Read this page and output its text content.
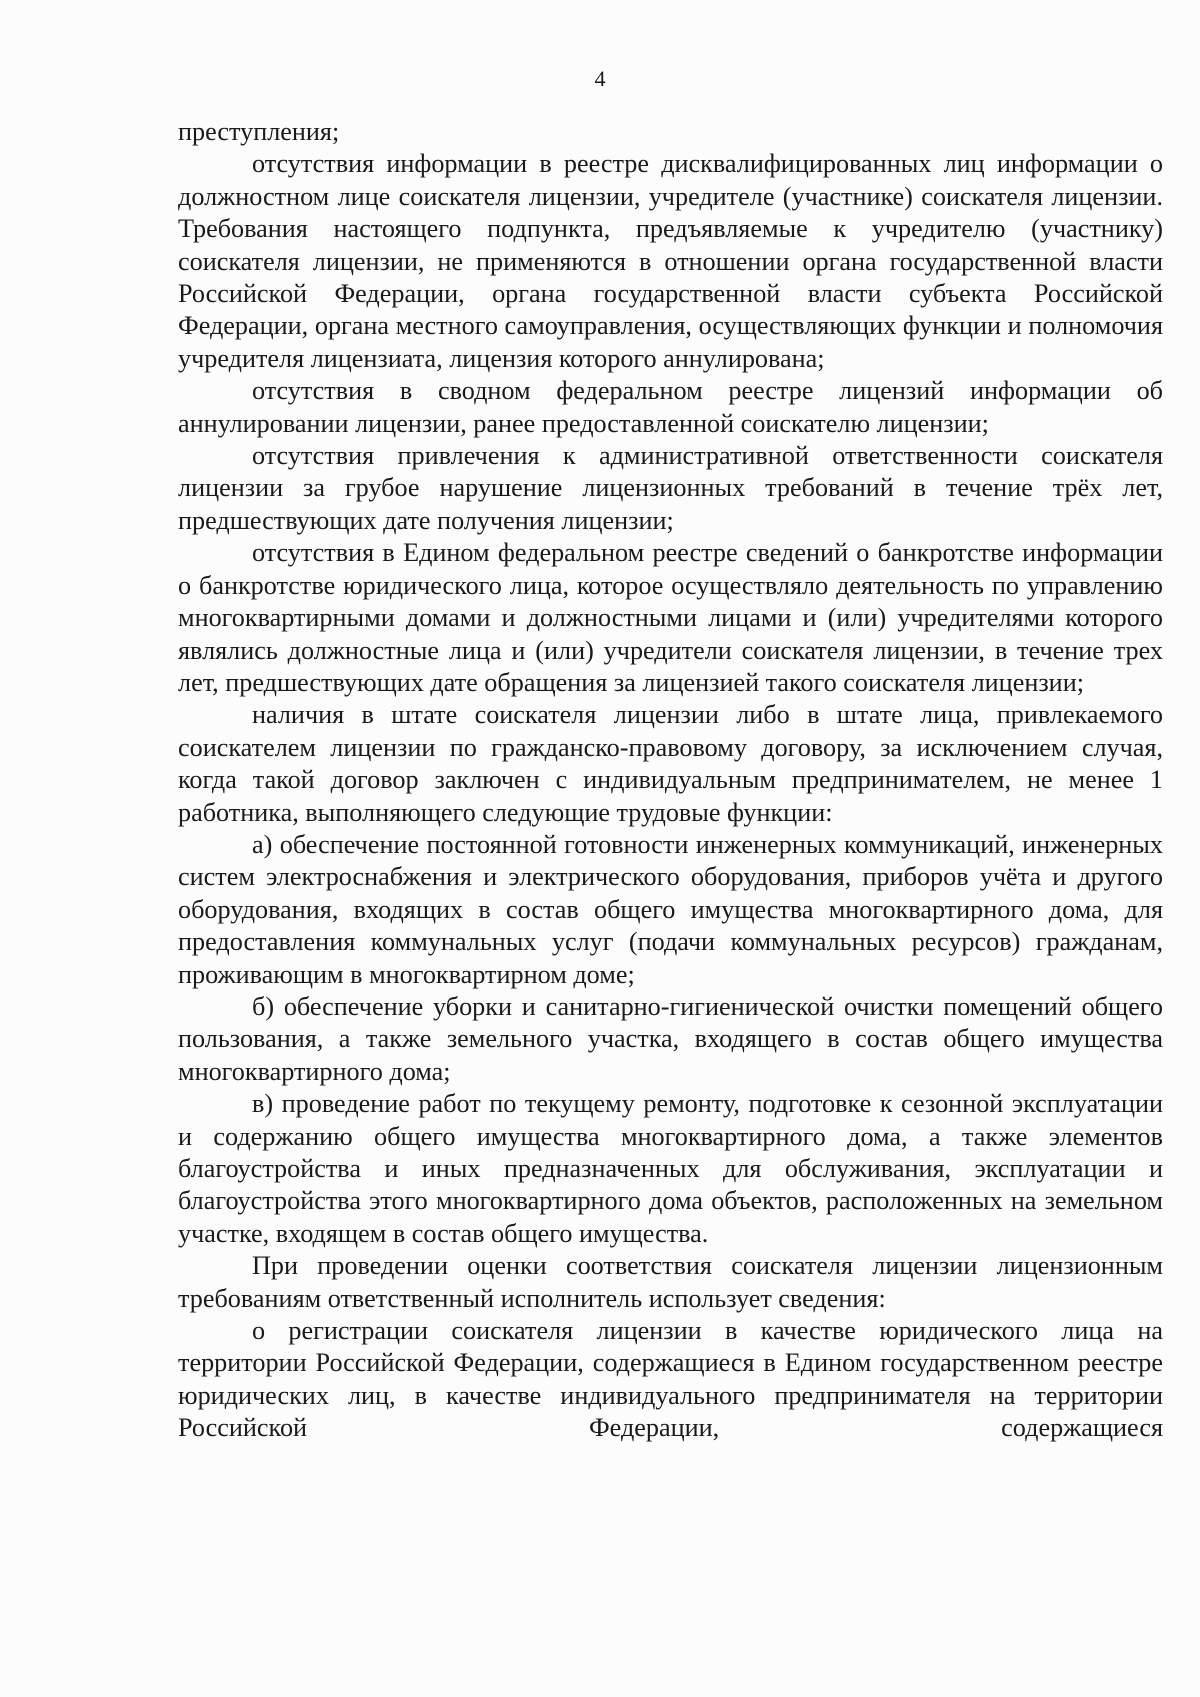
4

преступления;

отсутствия информации в реестре дисквалифицированных лиц информации о должностном лице соискателя лицензии, учредителе (участнике) соискателя лицензии. Требования настоящего подпункта, предъявляемые к учредителю (участнику) соискателя лицензии, не применяются в отношении органа государственной власти Российской Федерации, органа государственной власти субъекта Российской Федерации, органа местного самоуправления, осуществляющих функции и полномочия учредителя лицензиата, лицензия которого аннулирована;

отсутствия в сводном федеральном реестре лицензий информации об аннулировании лицензии, ранее предоставленной соискателю лицензии;

отсутствия привлечения к административной ответственности соискателя лицензии за грубое нарушение лицензионных требований в течение трёх лет, предшествующих дате получения лицензии;

отсутствия в Едином федеральном реестре сведений о банкротстве информации о банкротстве юридического лица, которое осуществляло деятельность по управлению многоквартирными домами и должностными лицами и (или) учредителями которого являлись должностные лица и (или) учредители соискателя лицензии, в течение трех лет, предшествующих дате обращения за лицензией такого соискателя лицензии;

наличия в штате соискателя лицензии либо в штате лица, привлекаемого соискателем лицензии по гражданско-правовому договору, за исключением случая, когда такой договор заключен с индивидуальным предпринимателем, не менее 1 работника, выполняющего следующие трудовые функции:

а) обеспечение постоянной готовности инженерных коммуникаций, инженерных систем электроснабжения и электрического оборудования, приборов учёта и другого оборудования, входящих в состав общего имущества многоквартирного дома, для предоставления коммунальных услуг (подачи коммунальных ресурсов) гражданам, проживающим в многоквартирном доме;

б) обеспечение уборки и санитарно-гигиенической очистки помещений общего пользования, а также земельного участка, входящего в состав общего имущества многоквартирного дома;

в) проведение работ по текущему ремонту, подготовке к сезонной эксплуатации и содержанию общего имущества многоквартирного дома, а также элементов благоустройства и иных предназначенных для обслуживания, эксплуатации и благоустройства этого многоквартирного дома объектов, расположенных на земельном участке, входящем в состав общего имущества.

При проведении оценки соответствия соискателя лицензии лицензионным требованиям ответственный исполнитель использует сведения:

о регистрации соискателя лицензии в качестве юридического лица на территории Российской Федерации, содержащиеся в Едином государственном реестре юридических лиц, в качестве индивидуального предпринимателя на территории Российской Федерации, содержащиеся
